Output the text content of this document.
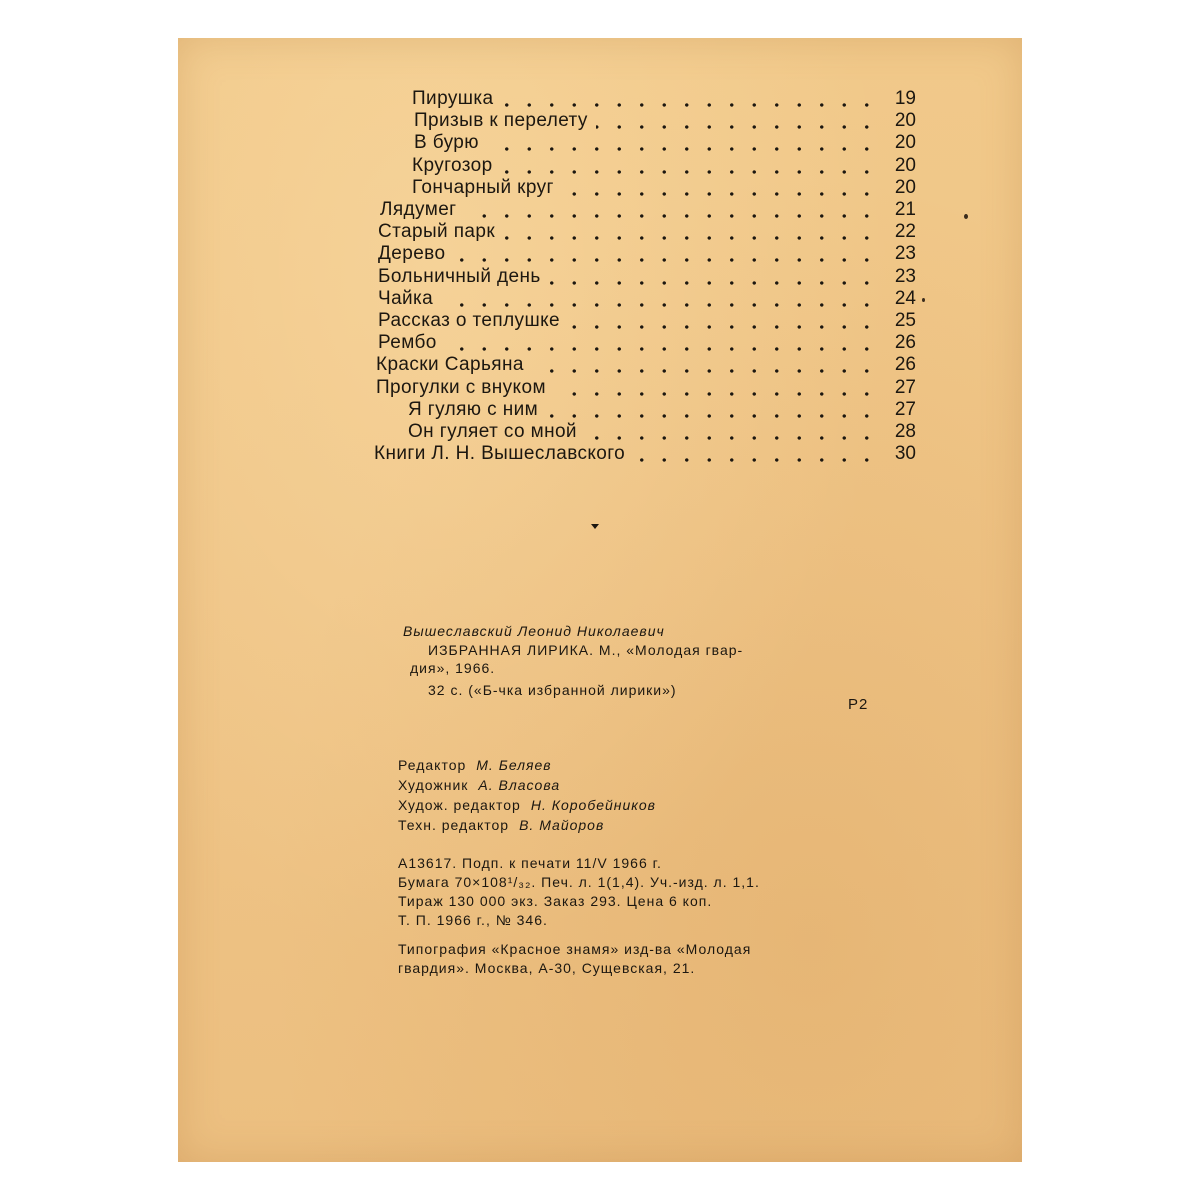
Пирушка	19
Призыв к перелету	20
В бурю	20
Кругозор	20
Гончарный круг	20
Лядумег	21
Старый парк	22
Дерево	23
Больничный день	23
Чайка	24
Рассказ о теплушке	25
Рембо	26
Краски Сарьяна	26
Прогулки с внуком	27
Я гуляю с ним	27
Он гуляет со мной	28
Книги Л. Н. Вышеславского	30
Вышеславский Леонид Николаевич
ИЗБРАННАЯ ЛИРИКА. М., «Молодая гвар-
дия», 1966.
32 с. («Б-чка избранной лирики»)
Р2
Редактор М. Беляев
Художник А. Власова
Худож. редактор Н. Коробейников
Техн. редактор В. Майоров
А13617. Подп. к печати 11/V 1966 г.
Бумага 70×108¹/₃₂. Печ. л. 1(1,4). Уч.-изд. л. 1,1.
Тираж 130 000 экз. Заказ 293. Цена 6 коп.
Т. П. 1966 г., № 346.
Типография «Красное знамя» изд-ва «Молодая
гвардия». Москва, А-30, Сущевская, 21.
